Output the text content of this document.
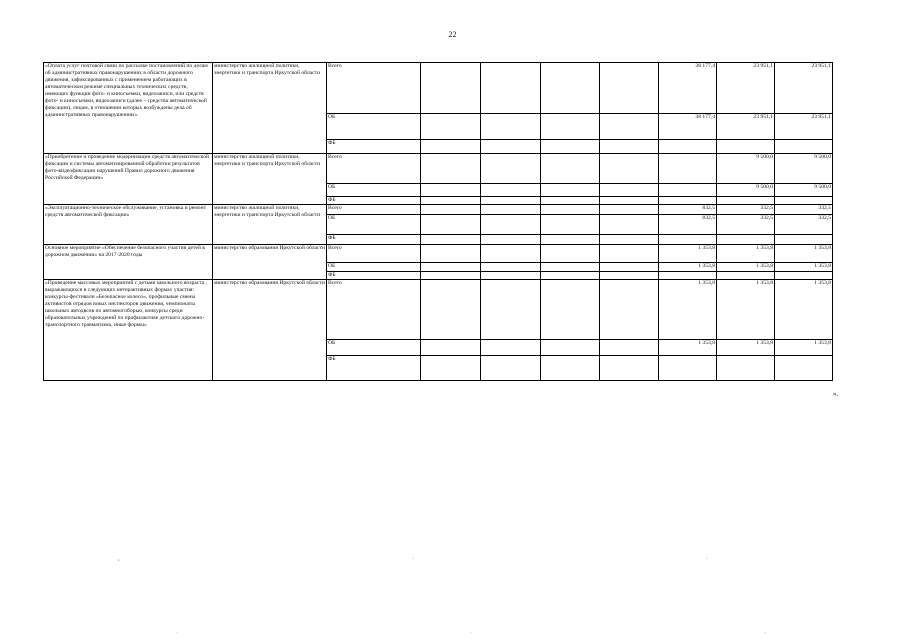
22
«Оплата услуг почтовой связи по рассылке постановлений по делам об административных правонарушениях в области дорожного движения, зафиксированных с применением работающих в автоматическом режиме специальных технических средств, имеющих функции фото- и киносъемки, видеозаписи, или средств фото- и киносъемки, видеозаписи (далее – средства автоматической фиксации), лицам, в отношении которых возбуждены дела об административных правонарушениях»	министерство жилищной политики, энергетики и транспорта Иркутской области	Всего					38 177,4	23 951,1	23 951,1	
		ОБ					38 177,4	23 951,1	23 951,1	
		ФБ								
«Приобретение и проведение модернизации средств автоматической фиксации и системы автоматизированной обработки результатов фото-видеофиксации нарушений Правил дорожного движения Российской Федерации»	министерство жилищной политики, энергетики и транспорта Иркутской области	Всего						9 500,0	9 500,0	
		ОБ						9 500,0	9 500,0	
		ФБ								
«Эксплуатационно-техническое обслуживание, установка и ремонт средств автоматической фиксации»	министерство жилищной политики, энергетики и транспорта Иркутской области	Всего					832,5	332,5	332,5	
		ОБ					832,5	332,5	332,5	
		ФБ								
Основное мероприятие «Обеспечение безопасного участия детей в дорожном движении» на 2017-2020 годы	министерство образования Иркутской области	Всего					1 353,8	1 353,8	1 353,8	
		ОБ					1 353,8	1 353,8	1 353,8	
		ФБ								
«Проведение массовых мероприятий с детьми школьного возраста , выражающихся в следующих интерактивных формах участия: конкурсы-фестивали «Безопасное колесо», профильные смены активистов отрядов юных инспекторов движения, чемпионаты школьных автодвсов по автомногоборью, конкурсы среди образовательных учреждений по профилактике детского дорожно-транспортного травматизма, иные формы»	министерство образования Иркутской области	Всего					1 353,8	1 353,8	1 353,8	
		ОБ					1 353,8	1 353,8	1 353,8	
		ФБ								
».
,
·
·
·
·
·
